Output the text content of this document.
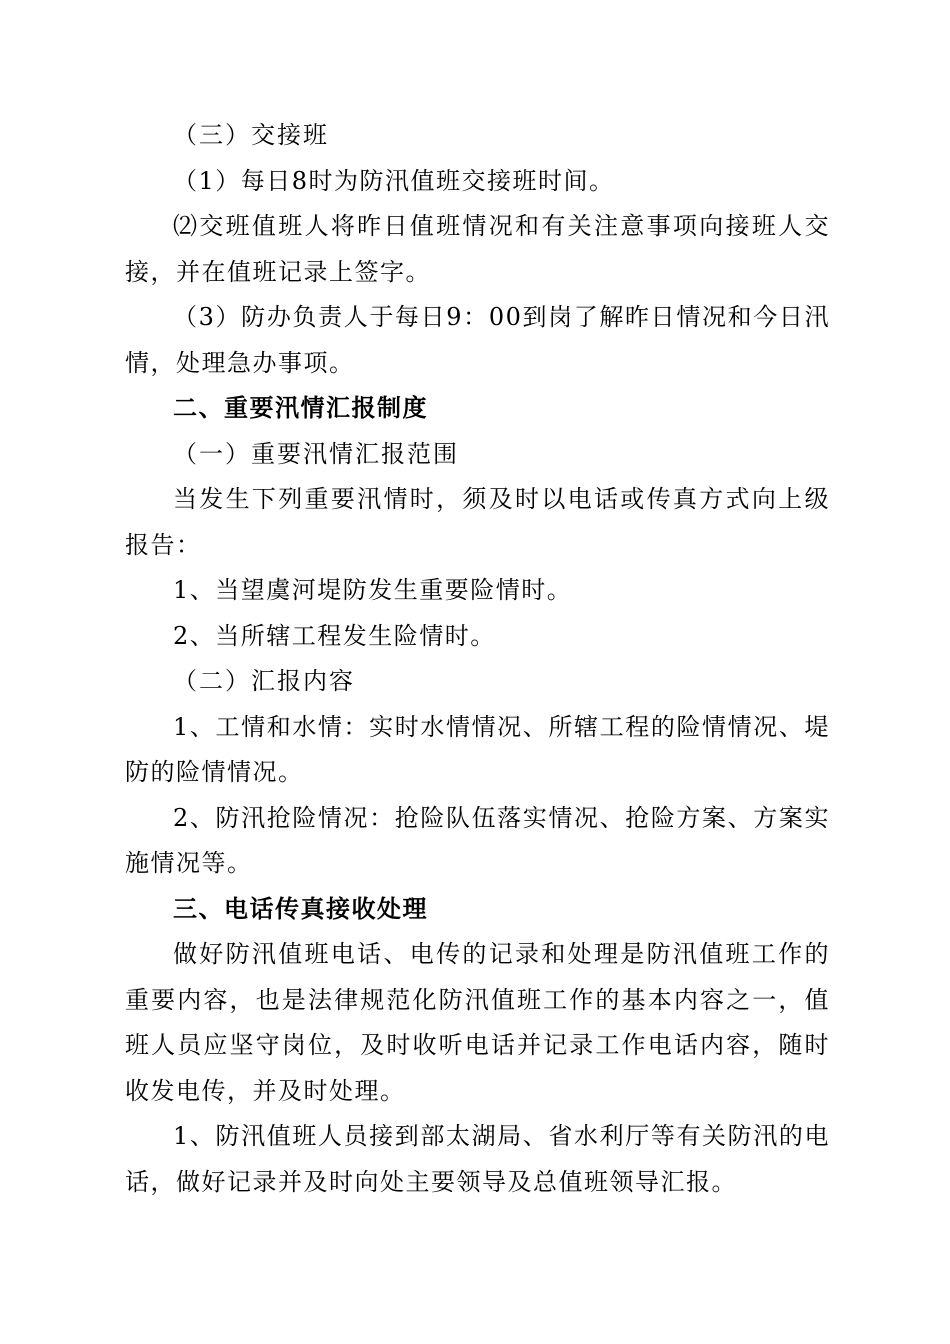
（三）交接班

（1）每日8时为防汛值班交接班时间。

⑵交班值班人将昨日值班情况和有关注意事项向接班人交接，并在值班记录上签字。

（3）防办负责人于每日9：00到岗了解昨日情况和今日汛情，处理急办事项。

二、重要汛情汇报制度

（一）重要汛情汇报范围

当发生下列重要汛情时，须及时以电话或传真方式向上级报告：

1、当望虞河堤防发生重要险情时。

2、当所辖工程发生险情时。

（二）汇报内容

1、工情和水情：实时水情情况、所辖工程的险情情况、堤防的险情情况。

2、防汛抢险情况：抢险队伍落实情况、抢险方案、方案实施情况等。

三、电话传真接收处理

做好防汛值班电话、电传的记录和处理是防汛值班工作的重要内容，也是法律规范化防汛值班工作的基本内容之一，值班人员应坚守岗位，及时收听电话并记录工作电话内容，随时收发电传，并及时处理。

1、防汛值班人员接到部太湖局、省水利厅等有关防汛的电话，做好记录并及时向处主要领导及总值班领导汇报。
